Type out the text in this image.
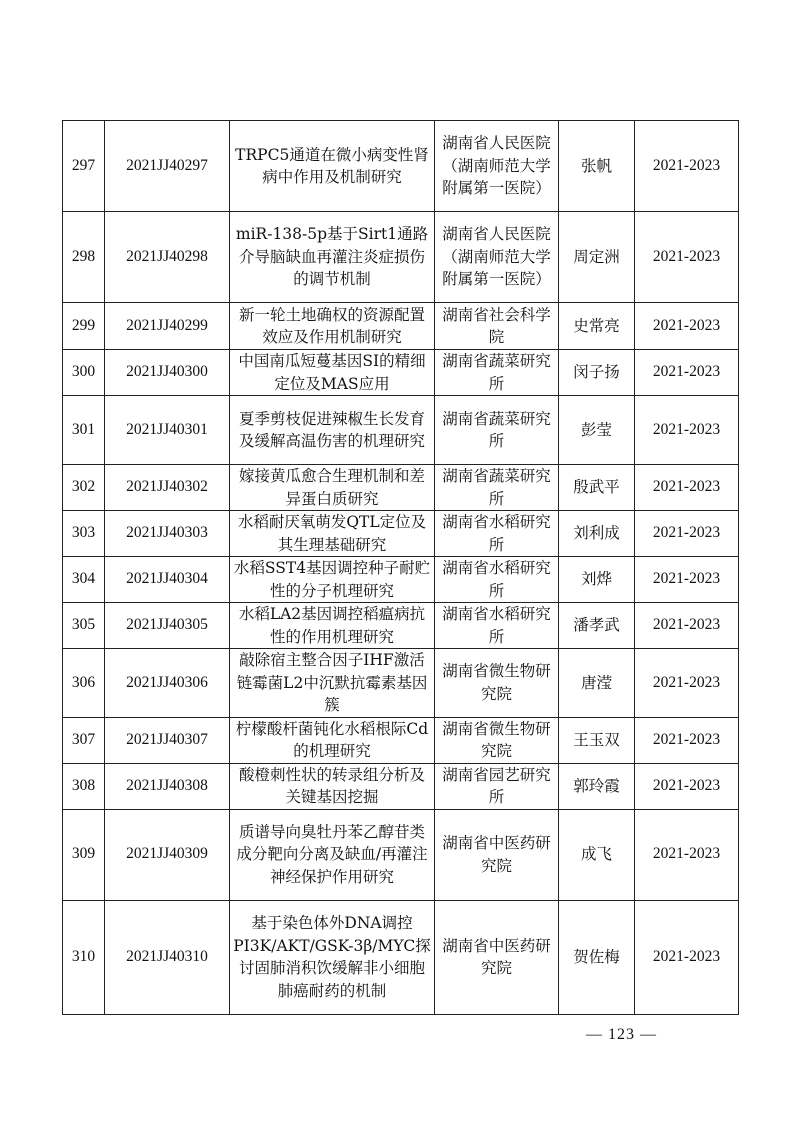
297	2021JJ40297	TRPC5通道在微小病变性肾病中作用及机制研究	湖南省人民医院（湖南师范大学附属第一医院）	张帆	2021-2023
298	2021JJ40298	miR-138-5p基于Sirt1通路介导脑缺血再灌注炎症损伤的调节机制	湖南省人民医院（湖南师范大学附属第一医院）	周定洲	2021-2023
299	2021JJ40299	新一轮土地确权的资源配置效应及作用机制研究	湖南省社会科学院	史常亮	2021-2023
300	2021JJ40300	中国南瓜短蔓基因SI的精细定位及MAS应用	湖南省蔬菜研究所	闵子扬	2021-2023
301	2021JJ40301	夏季剪枝促进辣椒生长发育及缓解高温伤害的机理研究	湖南省蔬菜研究所	彭莹	2021-2023
302	2021JJ40302	嫁接黄瓜愈合生理机制和差异蛋白质研究	湖南省蔬菜研究所	殷武平	2021-2023
303	2021JJ40303	水稻耐厌氧萌发QTL定位及其生理基础研究	湖南省水稻研究所	刘利成	2021-2023
304	2021JJ40304	水稻SST4基因调控种子耐贮性的分子机理研究	湖南省水稻研究所	刘烨	2021-2023
305	2021JJ40305	水稻LA2基因调控稻瘟病抗性的作用机理研究	湖南省水稻研究所	潘孝武	2021-2023
306	2021JJ40306	敲除宿主整合因子IHF激活链霉菌L2中沉默抗霉素基因簇	湖南省微生物研究院	唐滢	2021-2023
307	2021JJ40307	柠檬酸杆菌钝化水稻根际Cd的机理研究	湖南省微生物研究院	王玉双	2021-2023
308	2021JJ40308	酸橙刺性状的转录组分析及关键基因挖掘	湖南省园艺研究所	郭玲霞	2021-2023
309	2021JJ40309	质谱导向臭牡丹苯乙醇苷类成分靶向分离及缺血/再灌注神经保护作用研究	湖南省中医药研究院	成飞	2021-2023
310	2021JJ40310	基于染色体外DNA调控PI3K/AKT/GSK-3β/MYC探讨固肺消积饮缓解非小细胞肺癌耐药的机制	湖南省中医药研究院	贺佐梅	2021-2023
— 123 —
